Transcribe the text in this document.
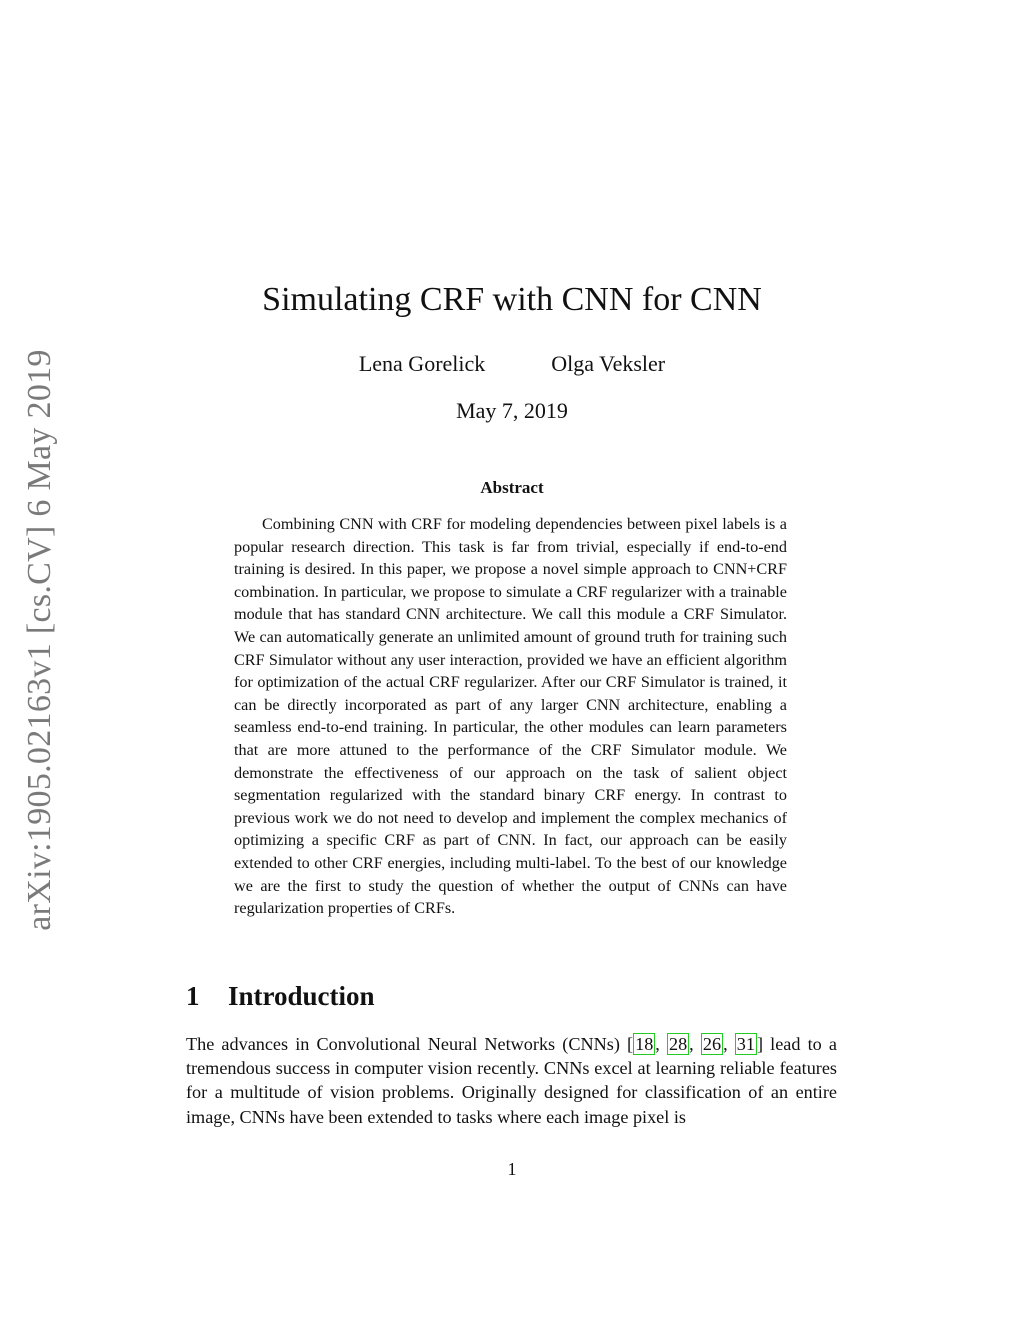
arXiv:1905.02163v1 [cs.CV] 6 May 2019
Simulating CRF with CNN for CNN
Lena Gorelick	Olga Veksler
May 7, 2019
Abstract

Combining CNN with CRF for modeling dependencies between pixel labels is a popular research direction. This task is far from trivial, especially if end-to-end training is desired. In this paper, we propose a novel simple approach to CNN+CRF combination. In particular, we propose to simulate a CRF regularizer with a trainable module that has standard CNN architecture. We call this module a CRF Simulator. We can automatically generate an unlimited amount of ground truth for training such CRF Simulator without any user interaction, provided we have an efficient algorithm for optimization of the actual CRF regularizer. After our CRF Simulator is trained, it can be directly incorporated as part of any larger CNN architecture, enabling a seamless end-to-end training. In particular, the other modules can learn parameters that are more attuned to the performance of the CRF Simulator module. We demonstrate the effectiveness of our approach on the task of salient object segmentation regularized with the standard binary CRF energy. In contrast to previous work we do not need to develop and implement the complex mechanics of optimizing a specific CRF as part of CNN. In fact, our approach can be easily extended to other CRF energies, including multi-label. To the best of our knowledge we are the first to study the question of whether the output of CNNs can have regularization properties of CRFs.

1 Introduction

The advances in Convolutional Neural Networks (CNNs) [ 18 , 28 , 26 , 31 ] lead to a tremendous success in computer vision recently. CNNs excel at learning reliable features for a multitude of vision problems. Originally designed for classification of an entire image, CNNs have been extended to tasks where each image pixel is

1
